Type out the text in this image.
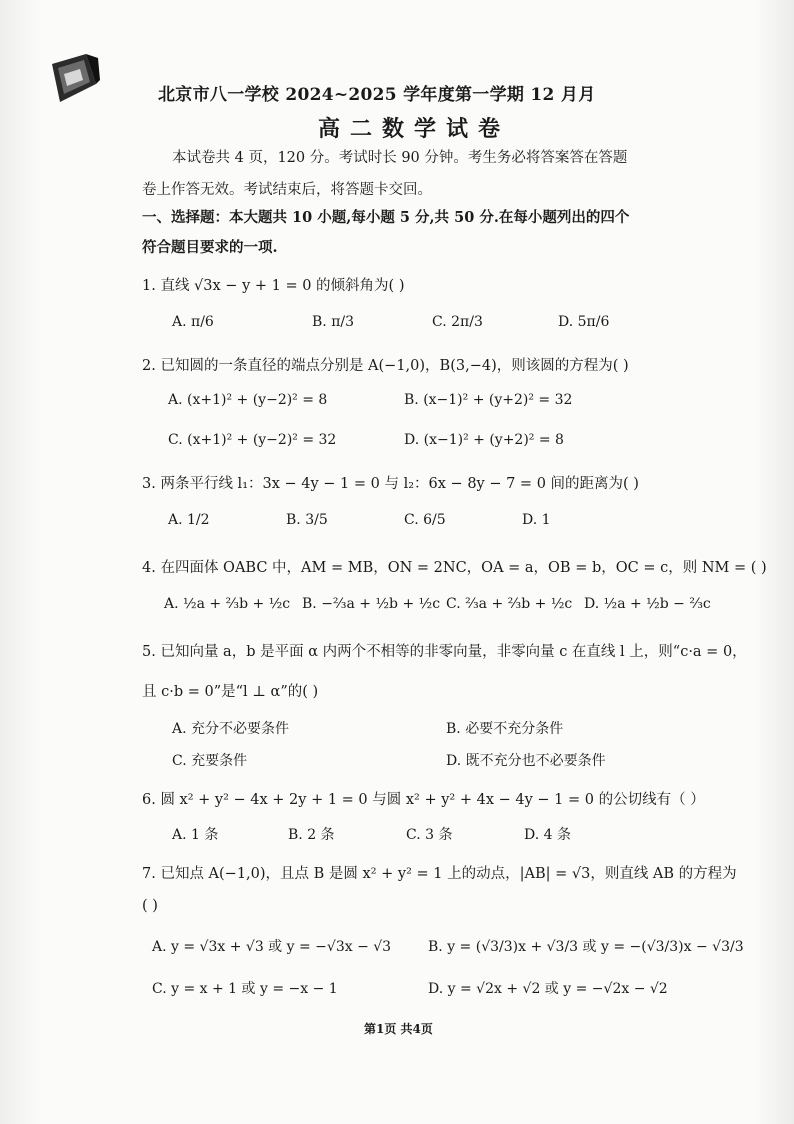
北京市八一学校 2024~2025 学年度第一学期 12 月月
高二数学试卷
本试卷共 4 页，120 分。考试时长 90 分钟。考生务必将答案答在答题
卷上作答无效。考试结束后，将答题卡交回。
一、选择题：本大题共 10 小题,每小题 5 分,共 50 分.在每小题列出的四个
符合题目要求的一项.
1. 直线 √3x − y + 1 = 0 的倾斜角为( )
A. π/6	B. π/3	C. 2π/3	D. 5π/6
2. 已知圆的一条直径的端点分别是 A(−1,0)，B(3,−4)，则该圆的方程为( )
A. (x+1)² + (y−2)² = 8	B. (x−1)² + (y+2)² = 32
C. (x+1)² + (y−2)² = 32	D. (x−1)² + (y+2)² = 8
3. 两条平行线 l₁：3x − 4y − 1 = 0 与 l₂：6x − 8y − 7 = 0 间的距离为( )
A. 1/2	B. 3/5	C. 6/5	D. 1
4. 在四面体 OABC 中，AM = MB，ON = 2NC，OA = a，OB = b，OC = c，则 NM = ( )
A. ½a + ⅔b + ½c B. −⅔a + ½b + ½c C. ⅔a + ⅔b + ½c D. ½a + ½b − ⅔c
5. 已知向量 a，b 是平面 α 内两个不相等的非零向量，非零向量 c 在直线 l 上，则“c·a = 0，
且 c·b = 0”是“l ⊥ α”的( )
A. 充分不必要条件	B. 必要不充分条件
C. 充要条件	D. 既不充分也不必要条件
6. 圆 x² + y² − 4x + 2y + 1 = 0 与圆 x² + y² + 4x − 4y − 1 = 0 的公切线有（ ）
A. 1 条	B. 2 条	C. 3 条	D. 4 条
7. 已知点 A(−1,0)，且点 B 是圆 x² + y² = 1 上的动点，|AB| = √3，则直线 AB 的方程为
( )
A. y = √3x + √3 或 y = −√3x − √3	B. y = (√3/3)x + √3/3 或 y = −(√3/3)x − √3/3
C. y = x + 1 或 y = −x − 1	D. y = √2x + √2 或 y = −√2x − √2
第1页 共4页
